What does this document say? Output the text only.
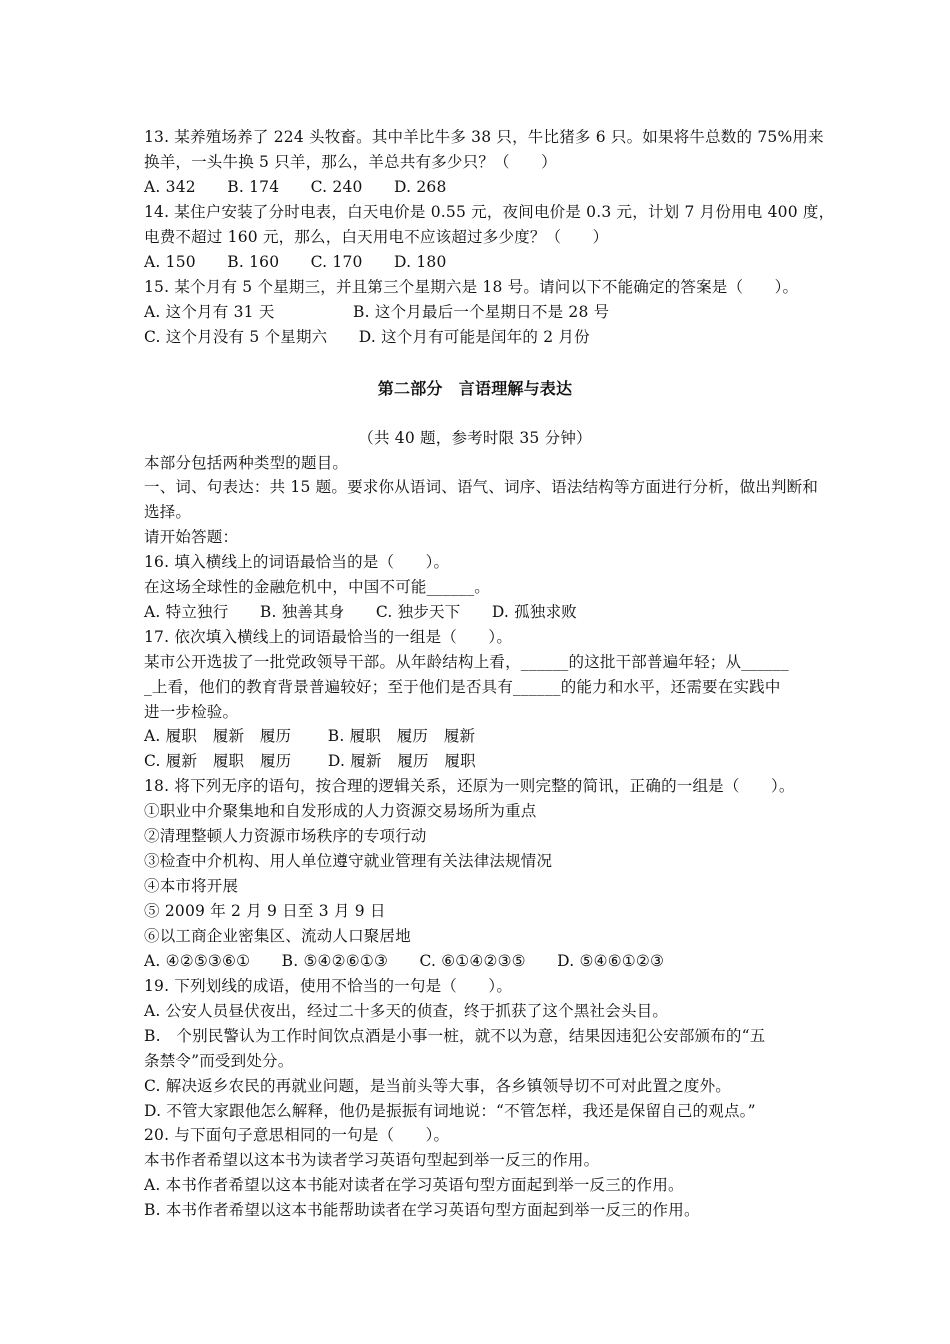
13. 某养殖场养了 224 头牧畜。其中羊比牛多 38 只，牛比猪多 6 只。如果将牛总数的 75%用来
换羊，一头牛换 5 只羊，那么，羊总共有多少只？（　　）
A. 342　　B. 174　　C. 240　　D. 268
14. 某住户安装了分时电表，白天电价是 0.55 元，夜间电价是 0.3 元，计划 7 月份用电 400 度，
电费不超过 160 元，那么，白天用电不应该超过多少度？（　　）
A. 150　　B. 160　　C. 170　　D. 180
15. 某个月有 5 个星期三，并且第三个星期六是 18 号。请问以下不能确定的答案是（　　）。
A. 这个月有 31 天　　　　　B. 这个月最后一个星期日不是 28 号
C. 这个月没有 5 个星期六　　D. 这个月有可能是闰年的 2 月份
第二部分　言语理解与表达
（共 40 题，参考时限 35 分钟）
本部分包括两种类型的题目。
一、词、句表达：共 15 题。要求你从语词、语气、词序、语法结构等方面进行分析，做出判断和
选择。
请开始答题：
16. 填入横线上的词语最恰当的是（　　）。
在这场全球性的金融危机中，中国不可能______。
A. 特立独行　　B. 独善其身　　C. 独步天下　　D. 孤独求败
17. 依次填入横线上的词语最恰当的一组是（　　）。
某市公开选拔了一批党政领导干部。从年龄结构上看，______的这批干部普遍年轻；从______
_上看，他们的教育背景普遍较好；至于他们是否具有______的能力和水平，还需要在实践中
进一步检验。
A. 履职　履新　履历　　 B. 履职　履历　履新
C. 履新　履职　履历　　 D. 履新　履历　履职
18. 将下列无序的语句，按合理的逻辑关系，还原为一则完整的简讯，正确的一组是（　　）。
①职业中介聚集地和自发形成的人力资源交易场所为重点
②清理整顿人力资源市场秩序的专项行动
③检查中介机构、用人单位遵守就业管理有关法律法规情况
④本市将开展
⑤ 2009 年 2 月 9 日至 3 月 9 日
⑥以工商企业密集区、流动人口聚居地
A. ④②⑤③⑥①　　B. ⑤④②⑥①③　　C. ⑥①④②③⑤　　D. ⑤④⑥①②③
19. 下列划线的成语，使用不恰当的一句是（　　）。
A. 公安人员昼伏夜出，经过二十多天的侦查，终于抓获了这个黑社会头目。
B.　个别民警认为工作时间饮点酒是小事一桩，就不以为意，结果因违犯公安部颁布的“五
条禁令”而受到处分。
C. 解决返乡农民的再就业问题，是当前头等大事，各乡镇领导切不可对此置之度外。
D. 不管大家跟他怎么解释，他仍是振振有词地说：“不管怎样，我还是保留自己的观点。”
20. 与下面句子意思相同的一句是（　　）。
本书作者希望以这本书为读者学习英语句型起到举一反三的作用。
A. 本书作者希望以这本书能对读者在学习英语句型方面起到举一反三的作用。
B. 本书作者希望以这本书能帮助读者在学习英语句型方面起到举一反三的作用。
